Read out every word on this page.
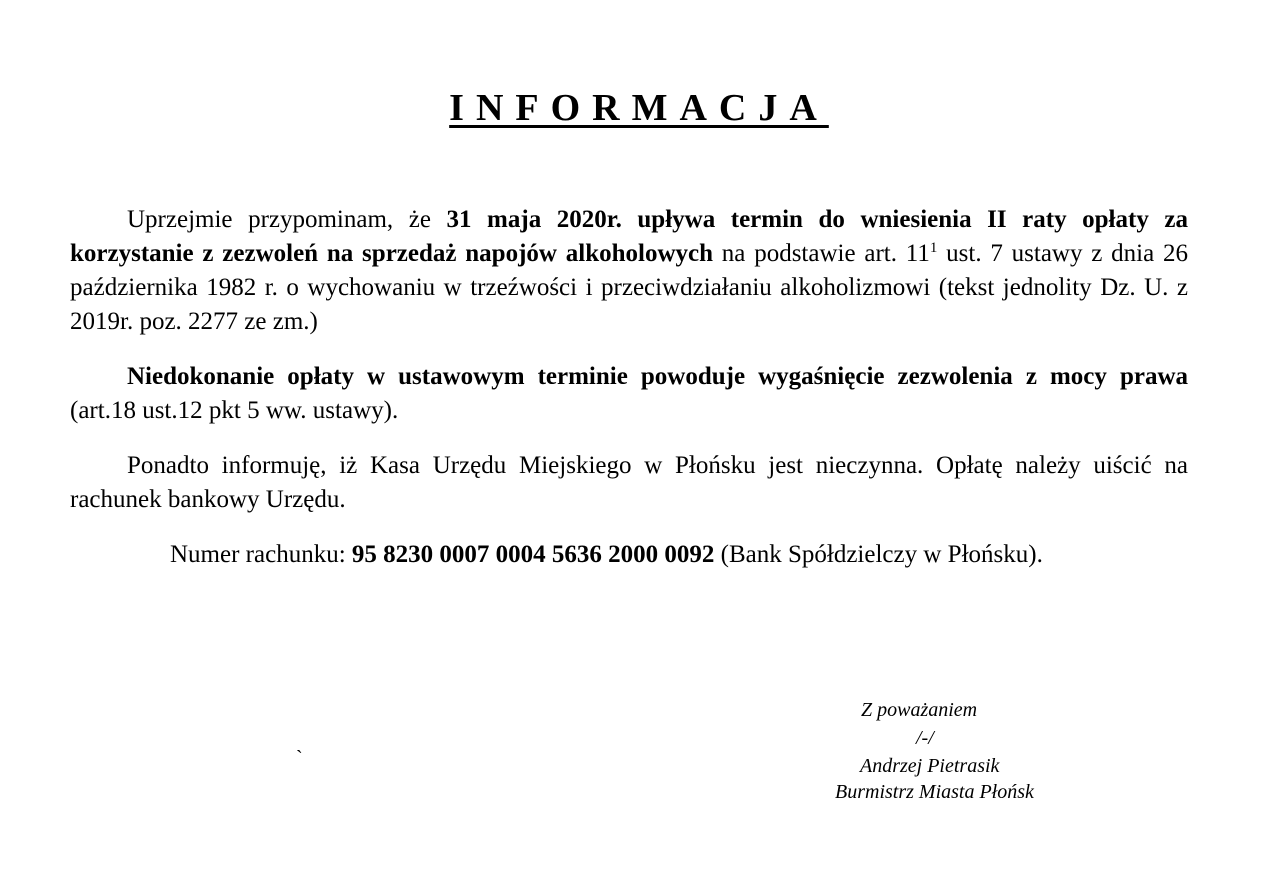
INFORMACJA

Uprzejmie przypominam, że 31 maja 2020r. upływa termin do wniesienia II raty opłaty za korzystanie z zezwoleń na sprzedaż napojów alkoholowych na podstawie art. $11^1$ ust. 7 ustawy z dnia 26 października 1982 r. o wychowaniu w trzeźwości i przeciwdziałaniu alkoholizmowi (tekst jednolity Dz. U. z 2019r. poz. 2277 ze zm.)

Niedokonanie opłaty w ustawowym terminie powoduje wygaśnięcie zezwolenia z mocy prawa (art.18 ust.12 pkt 5 ww. ustawy).

Ponadto informuję, iż Kasa Urzędu Miejskiego w Płońsku jest nieczynna. Opłatę należy uiścić na rachunek bankowy Urzędu.

Numer rachunku: 95 8230 0007 0004 5636 2000 0092 (Bank Spółdzielczy w Płońsku).

`
Z poważaniem
/-/
Andrzej Pietrasik
Burmistrz Miasta Płońsk
